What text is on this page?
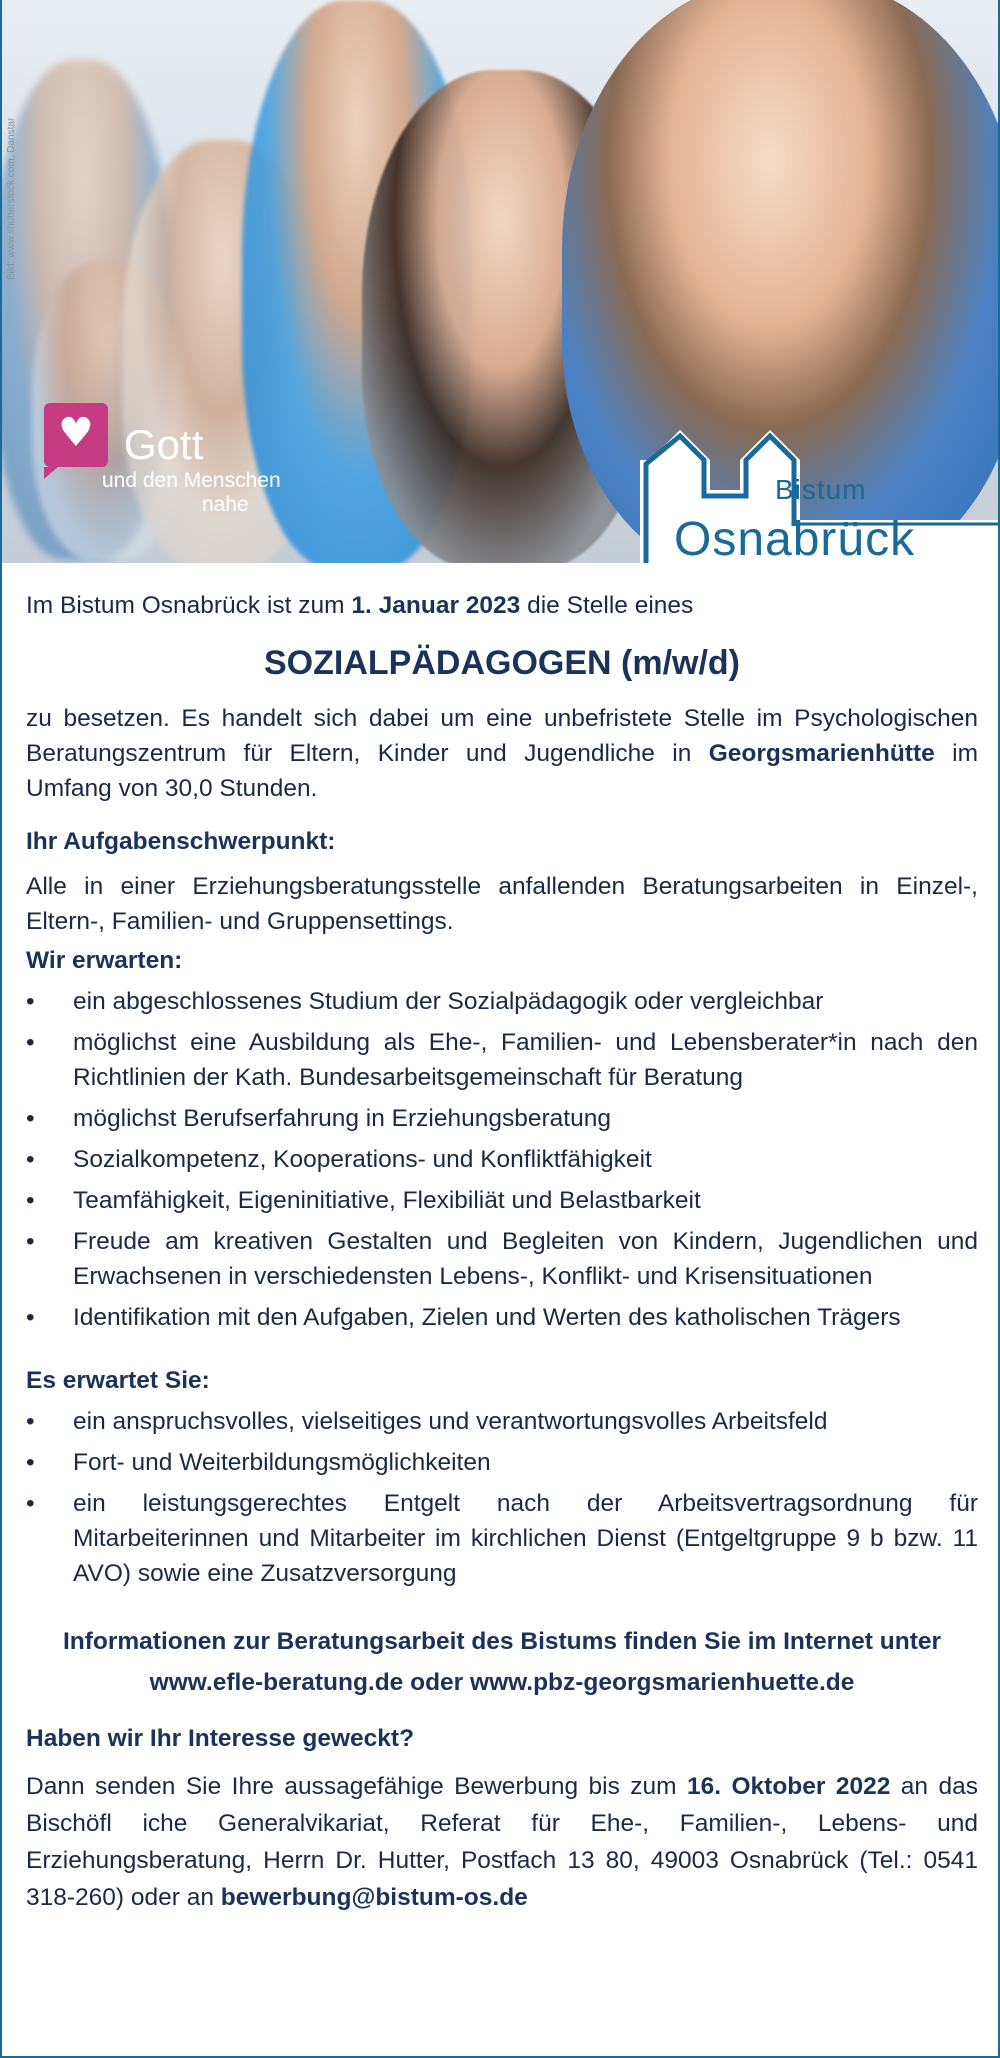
Bild: www.shutterstock.com, Danstar
♥ Gott
und den Menschen
nahe	Bistum
Osnabrück

Im Bistum Osnabrück ist zum 1. Januar 2023 die Stelle eines

SOZIALPÄDAGOGEN (m/w/d)

zu besetzen. Es handelt sich dabei um eine unbefristete Stelle im Psychologischen Beratungszentrum für Eltern, Kinder und Jugendliche in Georgsmarienhütte im Umfang von 30,0 Stunden.

Ihr Aufgabenschwerpunkt:

Alle in einer Erziehungsberatungsstelle anfallenden Beratungsarbeiten in Einzel-, Eltern-, Familien- und Gruppensettings.

Wir erwarten:

• ein abgeschlossenes Studium der Sozialpädagogik oder vergleichbar
• möglichst eine Ausbildung als Ehe-, Familien- und Lebensberater*in nach den Richtlinien der Kath. Bundesarbeitsgemeinschaft für Beratung
• möglichst Berufserfahrung in Erziehungsberatung
• Sozialkompetenz, Kooperations- und Konfliktfähigkeit
• Teamfähigkeit, Eigeninitiative, Flexibiliät und Belastbarkeit
• Freude am kreativen Gestalten und Begleiten von Kindern, Jugendlichen und Erwachsenen in verschiedensten Lebens-, Konflikt- und Krisensituationen
• Identifikation mit den Aufgaben, Zielen und Werten des katholischen Trägers

Es erwartet Sie:

• ein anspruchsvolles, vielseitiges und verantwortungsvolles Arbeitsfeld
• Fort- und Weiterbildungsmöglichkeiten
• ein leistungsgerechtes Entgelt nach der Arbeitsvertragsordnung für Mitarbeiterinnen und Mitarbeiter im kirchlichen Dienst (Entgeltgruppe 9 b bzw. 11 AVO) sowie eine Zusatzversorgung

Informationen zur Beratungsarbeit des Bistums finden Sie im Internet unter

www.efle-beratung.de oder www.pbz-georgsmarienhuette.de

Haben wir Ihr Interesse geweckt?

Dann senden Sie Ihre aussagefähige Bewerbung bis zum 16. Oktober 2022 an das Bischöfl iche Generalvikariat, Referat für Ehe-, Familien-, Lebens- und Erziehungsberatung, Herrn Dr. Hutter, Postfach 13 80, 49003 Osnabrück (Tel.: 0541 318-260) oder an bewerbung@bistum-os.de
